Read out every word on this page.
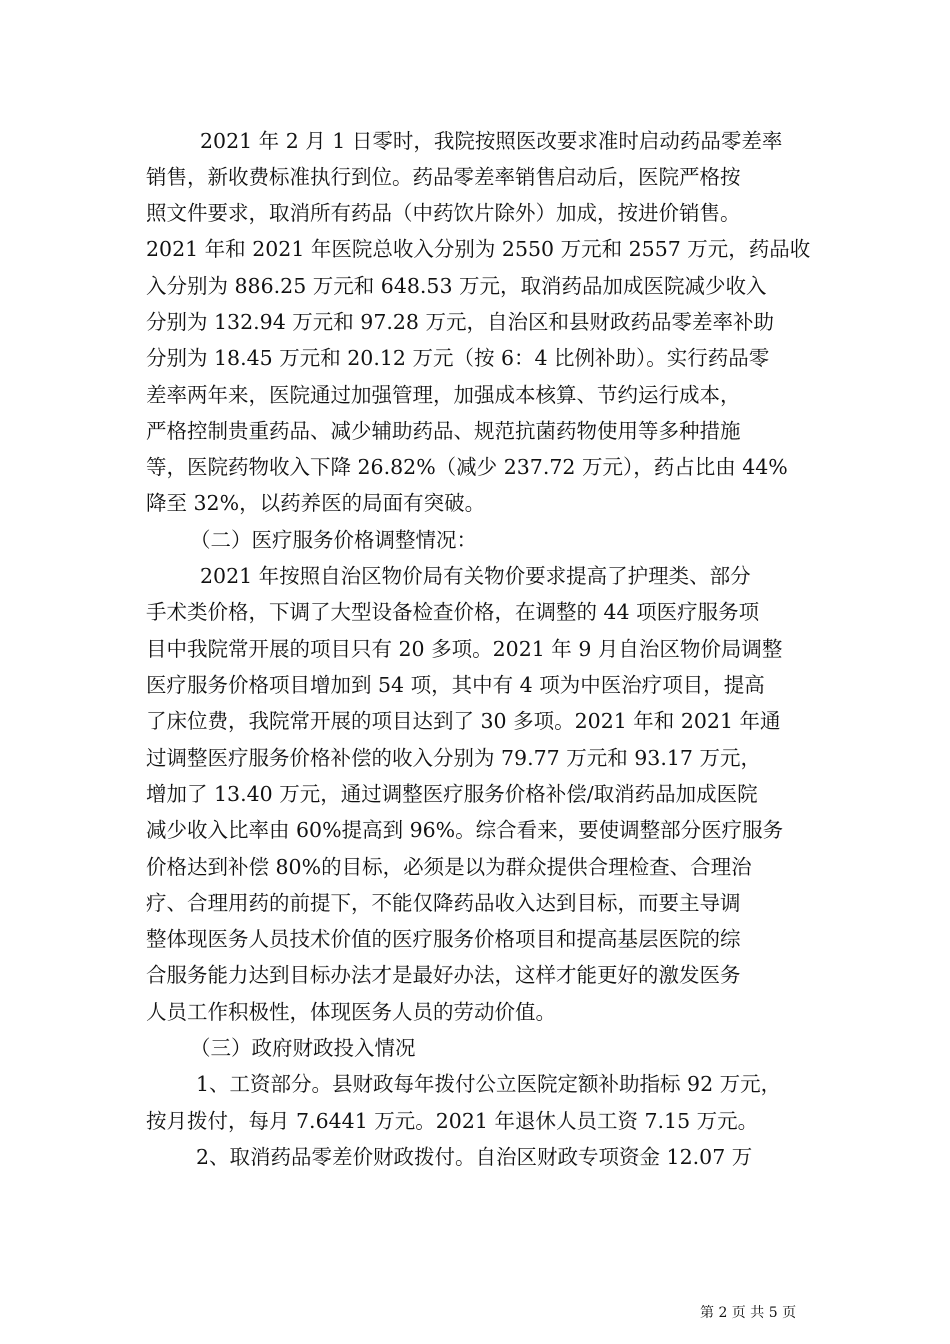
2021 年 2 月 1 日零时，我院按照医改要求准时启动药品零差率
销售，新收费标准执行到位。药品零差率销售启动后，医院严格按
照文件要求，取消所有药品（中药饮片除外）加成，按进价销售。
2021 年和 2021 年医院总收入分别为 2550 万元和 2557 万元，药品收
入分别为 886.25 万元和 648.53 万元，取消药品加成医院减少收入
分别为 132.94 万元和 97.28 万元，自治区和县财政药品零差率补助
分别为 18.45 万元和 20.12 万元（按 6：4 比例补助）。实行药品零
差率两年来，医院通过加强管理，加强成本核算、节约运行成本，
严格控制贵重药品、减少辅助药品、规范抗菌药物使用等多种措施
等，医院药物收入下降 26.82%（减少 237.72 万元），药占比由 44%
降至 32%，以药养医的局面有突破。
（二）医疗服务价格调整情况：
2021 年按照自治区物价局有关物价要求提高了护理类、部分
手术类价格，下调了大型设备检查价格，在调整的 44 项医疗服务项
目中我院常开展的项目只有 20 多项。2021 年 9 月自治区物价局调整
医疗服务价格项目增加到 54 项，其中有 4 项为中医治疗项目，提高
了床位费，我院常开展的项目达到了 30 多项。2021 年和 2021 年通
过调整医疗服务价格补偿的收入分别为 79.77 万元和 93.17 万元，
增加了 13.40 万元，通过调整医疗服务价格补偿/取消药品加成医院
减少收入比率由 60%提高到 96%。综合看来，要使调整部分医疗服务
价格达到补偿 80%的目标，必须是以为群众提供合理检查、合理治
疗、合理用药的前提下，不能仅降药品收入达到目标，而要主导调
整体现医务人员技术价值的医疗服务价格项目和提高基层医院的综
合服务能力达到目标办法才是最好办法，这样才能更好的激发医务
人员工作积极性，体现医务人员的劳动价值。
（三）政府财政投入情况
1、工资部分。县财政每年拨付公立医院定额补助指标 92 万元，
按月拨付，每月 7.6441 万元。2021 年退休人员工资 7.15 万元。
2、取消药品零差价财政拨付。自治区财政专项资金 12.07 万
第 2 页 共 5 页
